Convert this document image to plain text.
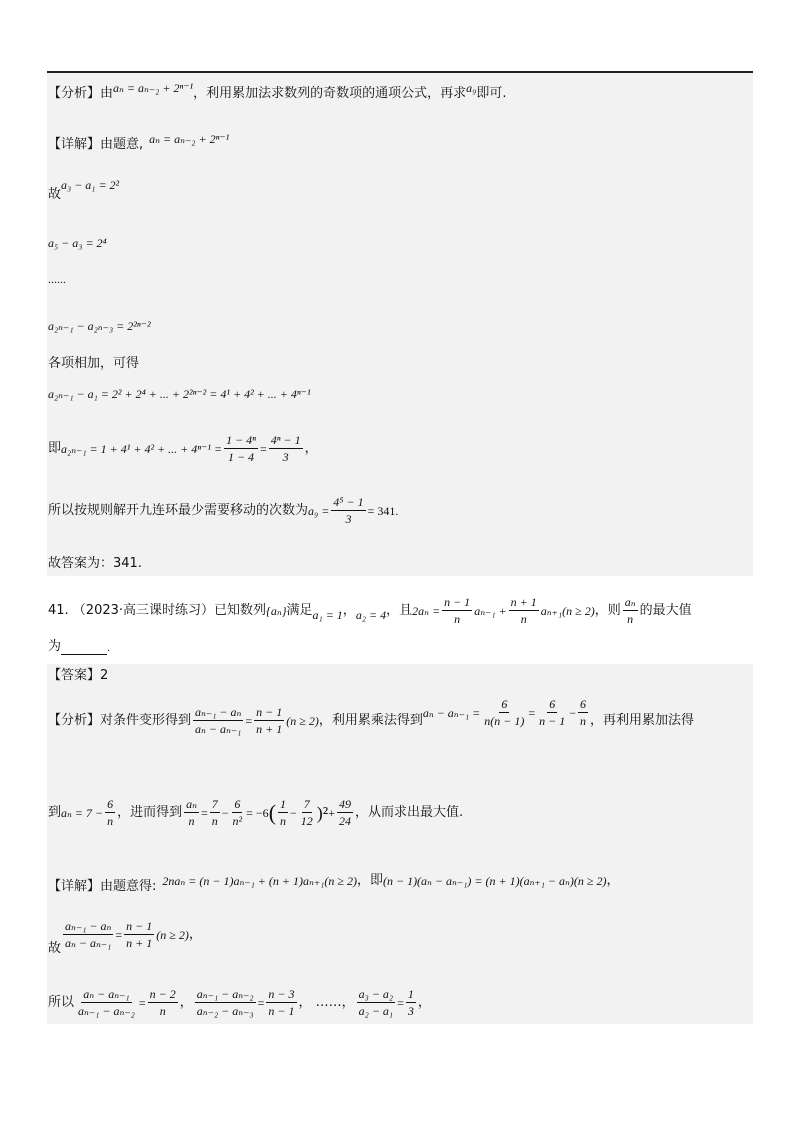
【分析】由 aₙ = aₙ₋₂ + 2ⁿ⁻¹ ，利用累加法求数列的奇数项的通项公式，再求 a₉ 即可.
【详解】由题意, aₙ = aₙ₋₂ + 2ⁿ⁻¹
故
a₃ − a₁ = 2²
a₅ − a₃ = 2⁴
......
a₂ₙ₋₁ − a₂ₙ₋₃ = 2²ⁿ⁻²
各项相加，可得
a₂ₙ₋₁ − a₁ = 2² + 2⁴ + ... + 2²ⁿ⁻² = 4¹ + 4² + ... + 4ⁿ⁻¹
即 a₂ₙ₋₁ = 1 + 4¹ + 4² + ... + $4^{n-1} = \frac{\text{1 − 4ⁿ}}{1 - 4} = \frac{\text{4ⁿ − 1}}{3}$ ，
所以按规则解开九连环最少需要移动的次数为 $a_9 = \frac{\text{4⁵ − 1}}{3} = 341$ .
故答案为：341.
41. （2023·高三课时练习）已知数列 {aₙ} 满足 a₁ = 1 ， a₂ = 4 ，且 $2a_n = \frac{n - 1}{n} a_{n-1} + \frac{n + 1}{n} a_{n+1}(n \ge 2)$ ，则 $\frac{\text{aₙ}}{n}$ 的最大值
为	.
【答案】2
【分析】对条件变形得到 $\frac{\text{aₙ₋₁ − aₙ}}{\text{aₙ − aₙ₋₁}} = \frac{n - 1}{n + 1} (n \ge 2)$ ，利用累乘法得到 $a_n - a_{n-1} = \frac{6}{n(n - 1)} = \frac{6}{n - 1} - \frac{6}{n}$ ，再利用累加法得
到 $a_n = 7 - \frac{6}{n}$ ，进而得到 $\frac{\text{aₙ}}{n} = \frac{7}{n} - \frac{6}{\text{n²}} = -6$ ( $\frac{1}{n} - \frac{7}{12} )^2 + \frac{49}{24}$ ，从而求出最大值.
【详解】由题意得: 2naₙ = (n − 1)aₙ₋₁ + (n + 1)aₙ₊₁(n ≥ 2) ，即 (n − 1)(aₙ − aₙ₋₁) = (n + 1)(aₙ₊₁ − aₙ)(n ≥ 2) ，
故 $\frac{\text{aₙ₋₁ − aₙ}}{\text{aₙ − aₙ₋₁}} = \frac{n - 1}{n + 1} (n \ge 2)$ ，
所以 $\frac{\text{aₙ − aₙ₋₁}}{\text{aₙ₋₁ − aₙ₋₂}} = \frac{n - 2}{n}$ ， $\frac{\text{aₙ₋₁ − aₙ₋₂}}{\text{aₙ₋₂ − aₙ₋₃}} = \frac{n - 3}{n - 1}$ ， ……， $\frac{\text{a₃ − a₂}}{\text{a₂ − a₁}} = \frac{1}{3}$ ，
